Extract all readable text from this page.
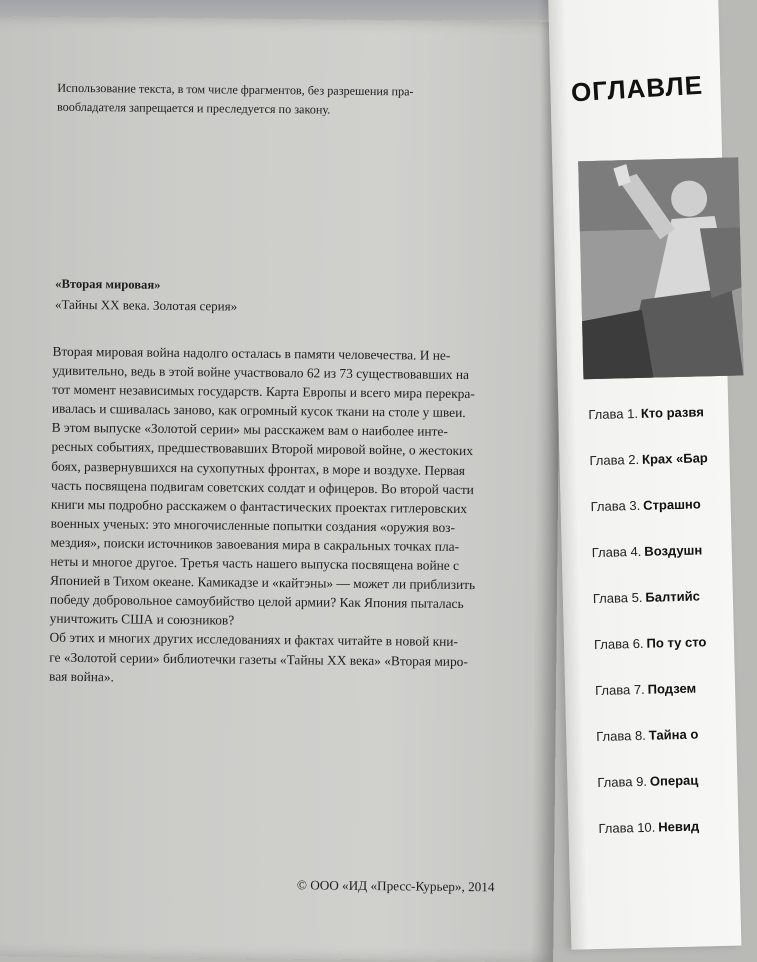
Использование текста, в том числе фрагментов, без разрешения пра-
вообладателя запрещается и преследуется по закону.
«Вторая мировая»
«Тайны XX века. Золотая серия»
Вторая мировая война надолго осталась в памяти человечества. И не-
удивительно, ведь в этой войне участвовало 62 из 73 существовавших на
тот момент независимых государств. Карта Европы и всего мира перекра-
ивалась и сшивалась заново, как огромный кусок ткани на столе у швеи.
В этом выпуске «Золотой серии» мы расскажем вам о наиболее инте-
ресных событиях, предшествовавших Второй мировой войне, о жестоких
боях, развернувшихся на сухопутных фронтах, в море и воздухе. Первая
часть посвящена подвигам советских солдат и офицеров. Во второй части
книги мы подробно расскажем о фантастических проектах гитлеровских
военных ученых: это многочисленные попытки создания «оружия воз-
мездия», поиски источников завоевания мира в сакральных точках пла-
неты и многое другое. Третья часть нашего выпуска посвящена войне с
Японией в Тихом океане. Камикадзе и «кайтэны» — может ли приблизить
победу добровольное самоубийство целой армии? Как Япония пыталась
уничтожить США и союзников?
Об этих и многих других исследованиях и фактах читайте в новой кни-
ге «Золотой серии» библиотечки газеты «Тайны XX века» «Вторая миро-
вая война».
© ООО «ИД «Пресс-Курьер», 2014
ОГЛАВЛЕ
Глава 1. Кто развя
Глава 2. Крах «Бар
Глава 3. Страшно
Глава 4. Воздушн
Глава 5. Балтийс
Глава 6. По ту сто
Глава 7. Подзем
Глава 8. Тайна о
Глава 9. Операц
Глава 10. Невид
